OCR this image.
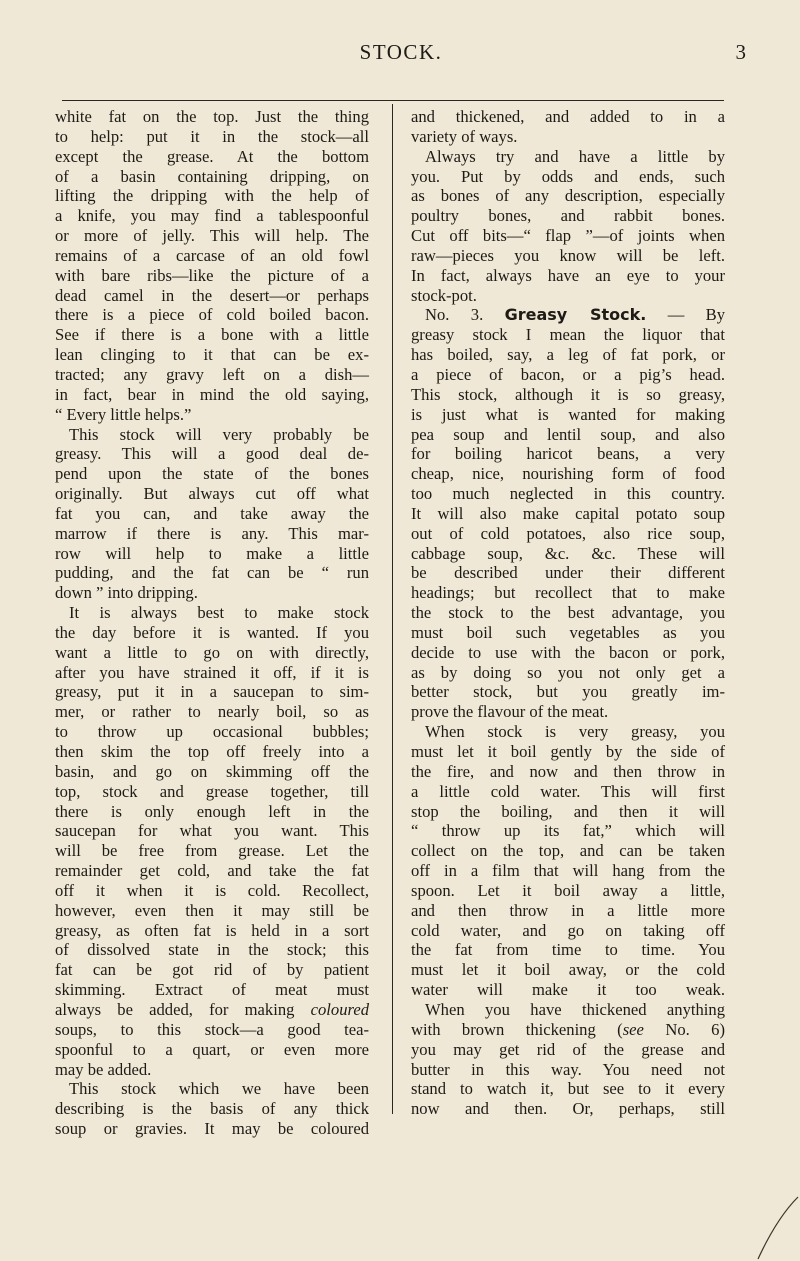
STOCK.	3
white fat on the top. Just the thing
to help: put it in the stock—all
except the grease. At the bottom
of a basin containing dripping, on
lifting the dripping with the help of
a knife, you may find a tablespoonful
or more of jelly. This will help. The
remains of a carcase of an old fowl
with bare ribs—like the picture of a
dead camel in the desert—or perhaps
there is a piece of cold boiled bacon.
See if there is a bone with a little
lean clinging to it that can be ex-
tracted; any gravy left on a dish—
in fact, bear in mind the old saying,
“ Every little helps.”
This stock will very probably be
greasy. This will a good deal de-
pend upon the state of the bones
originally. But always cut off what
fat you can, and take away the
marrow if there is any. This mar-
row will help to make a little
pudding, and the fat can be “ run
down ” into dripping.
It is always best to make stock
the day before it is wanted. If you
want a little to go on with directly,
after you have strained it off, if it is
greasy, put it in a saucepan to sim-
mer, or rather to nearly boil, so as
to throw up occasional bubbles;
then skim the top off freely into a
basin, and go on skimming off the
top, stock and grease together, till
there is only enough left in the
saucepan for what you want. This
will be free from grease. Let the
remainder get cold, and take the fat
off it when it is cold. Recollect,
however, even then it may still be
greasy, as often fat is held in a sort
of dissolved state in the stock; this
fat can be got rid of by patient
skimming. Extract of meat must
always be added, for making coloured
soups, to this stock—a good tea-
spoonful to a quart, or even more
may be added.
This stock which we have been
describing is the basis of any thick
soup or gravies. It may be coloured
and thickened, and added to in a
variety of ways.
Always try and have a little by
you. Put by odds and ends, such
as bones of any description, especially
poultry bones, and rabbit bones.
Cut off bits—“ flap ”—of joints when
raw—pieces you know will be left.
In fact, always have an eye to your
stock-pot.
No. 3. Greasy Stock. — By
greasy stock I mean the liquor that
has boiled, say, a leg of fat pork, or
a piece of bacon, or a pig’s head.
This stock, although it is so greasy,
is just what is wanted for making
pea soup and lentil soup, and also
for boiling haricot beans, a very
cheap, nice, nourishing form of food
too much neglected in this country.
It will also make capital potato soup
out of cold potatoes, also rice soup,
cabbage soup, &c. &c. These will
be described under their different
headings; but recollect that to make
the stock to the best advantage, you
must boil such vegetables as you
decide to use with the bacon or pork,
as by doing so you not only get a
better stock, but you greatly im-
prove the flavour of the meat.
When stock is very greasy, you
must let it boil gently by the side of
the fire, and now and then throw in
a little cold water. This will first
stop the boiling, and then it will
“ throw up its fat,” which will
collect on the top, and can be taken
off in a film that will hang from the
spoon. Let it boil away a little,
and then throw in a little more
cold water, and go on taking off
the fat from time to time. You
must let it boil away, or the cold
water will make it too weak.
When you have thickened anything
with brown thickening (see No. 6)
you may get rid of the grease and
butter in this way. You need not
stand to watch it, but see to it every
now and then. Or, perhaps, still
